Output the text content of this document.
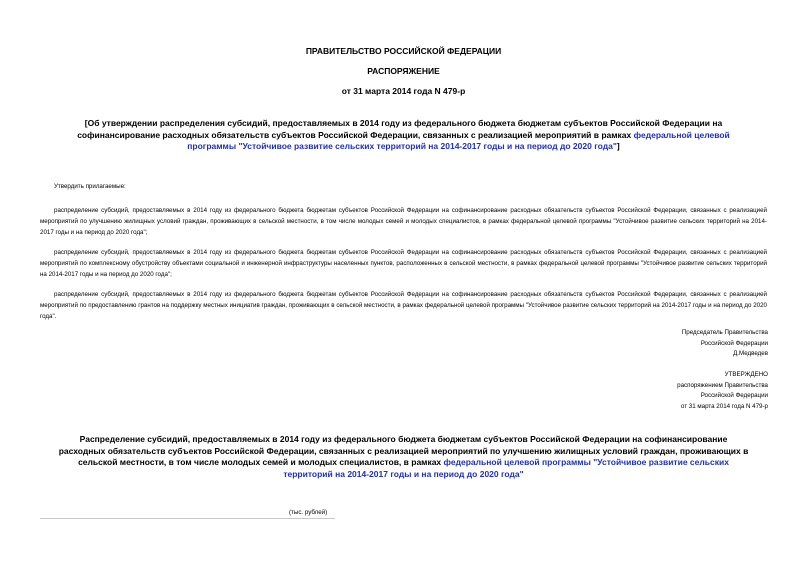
ПРАВИТЕЛЬСТВО РОССИЙСКОЙ ФЕДЕРАЦИИ
РАСПОРЯЖЕНИЕ
от 31 марта 2014 года N 479-р
[Об утверждении распределения субсидий, предоставляемых в 2014 году из федерального бюджета бюджетам субъектов Российской Федерации на софинансирование расходных обязательств субъектов Российской Федерации, связанных с реализацией мероприятий в рамках федеральной целевой программы "Устойчивое развитие сельских территорий на 2014-2017 годы и на период до 2020 года"]
Утвердить прилагаемые:
распределение субсидий, предоставляемых в 2014 году из федерального бюджета бюджетам субъектов Российской Федерации на софинансирование расходных обязательств субъектов Российской Федерации, связанных с реализацией мероприятий по улучшению жилищных условий граждан, проживающих в сельской местности, в том числе молодых семей и молодых специалистов, в рамках федеральной целевой программы "Устойчивое развитие сельских территорий на 2014-2017 годы и на период до 2020 года";
распределение субсидий, предоставляемых в 2014 году из федерального бюджета бюджетам субъектов Российской Федерации на софинансирование расходных обязательств субъектов Российской Федерации, связанных с реализацией мероприятий по комплексному обустройству объектами социальной и инженерной инфраструктуры населенных пунктов, расположенных в сельской местности, в рамках федеральной целевой программы "Устойчивое развитие сельских территорий на 2014-2017 годы и на период до 2020 года";
распределение субсидий, предоставляемых в 2014 году из федерального бюджета бюджетам субъектов Российской Федерации на софинансирование расходных обязательств субъектов Российской Федерации, связанных с реализацией мероприятий по предоставлению грантов на поддержку местных инициатив граждан, проживающих в сельской местности, в рамках федеральной целевой программы "Устойчивое развитие сельских территорий на 2014-2017 годы и на период до 2020 года".
Председатель Правительства
Российской Федерации
Д.Медведев
УТВЕРЖДЕНО
распоряжением Правительства
Российской Федерации
от 31 марта 2014 года N 479-р
Распределение субсидий, предоставляемых в 2014 году из федерального бюджета бюджетам субъектов Российской Федерации на софинансирование расходных обязательств субъектов Российской Федерации, связанных с реализацией мероприятий по улучшению жилищных условий граждан, проживающих в сельской местности, в том числе молодых семей и молодых специалистов, в рамках федеральной целевой программы "Устойчивое развитие сельских территорий на 2014-2017 годы и на период до 2020 года"
(тыс. рублей)
